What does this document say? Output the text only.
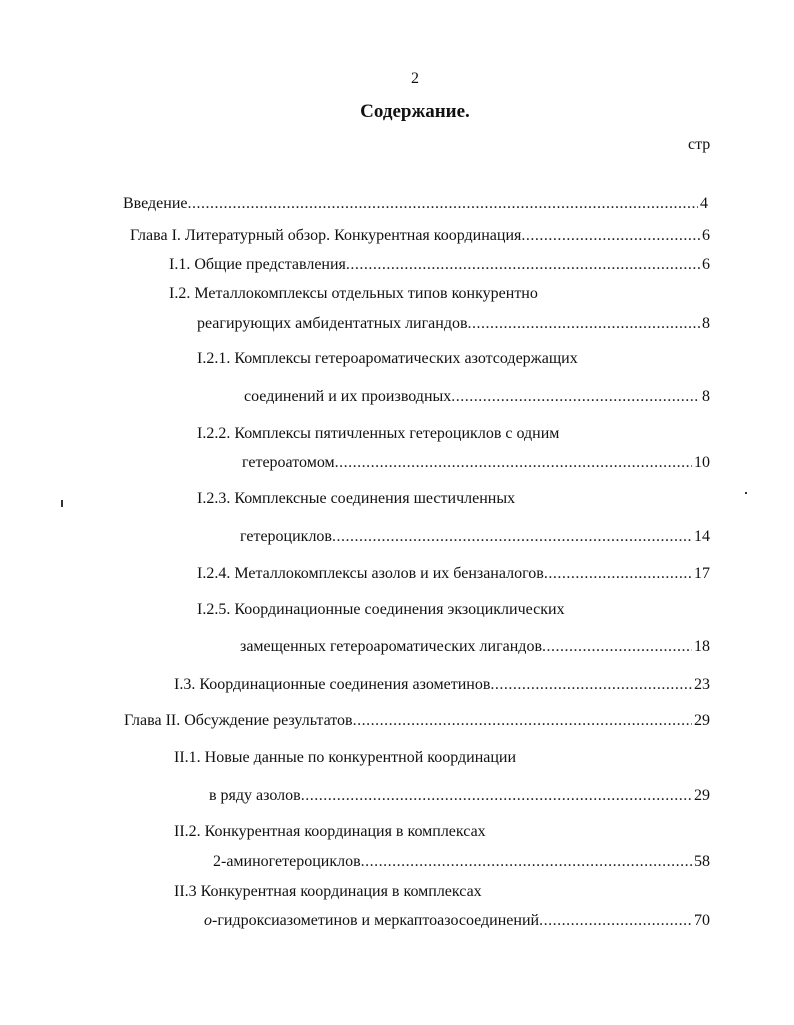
2
Содержание.
стр
Введение .....	4
Глава I. Литературный обзор. Конкурентная координация .....	6
I.1. Общие представления .....	6
I.2. Металлокомплексы отдельных типов конкурентно
реагирующих амбидентатных лигандов .....	8
I.2.1. Комплексы гетероароматических азотсодержащих
соединений и их производных .....	8
I.2.2. Комплексы пятичленных гетероциклов с одним
гетероатомом .....	10
I.2.3. Комплексные соединения шестичленных
гетероциклов .....	14
I.2.4. Металлокомплексы азолов и их бензаналогов .....	17
I.2.5. Координационные соединения экзоциклических
замещенных гетероароматических лигандов .....	18
I.3. Координационные соединения азометинов .....	23
Глава II. Обсуждение результатов .....	29
II.1. Новые данные по конкурентной координации
в ряду азолов .....	29
II.2. Конкурентная координация в комплексах
2-аминогетероциклов .....	58
II.3 Конкурентная координация в комплексах
о-гидроксиазометинов и меркаптоазосоединений .....	70
